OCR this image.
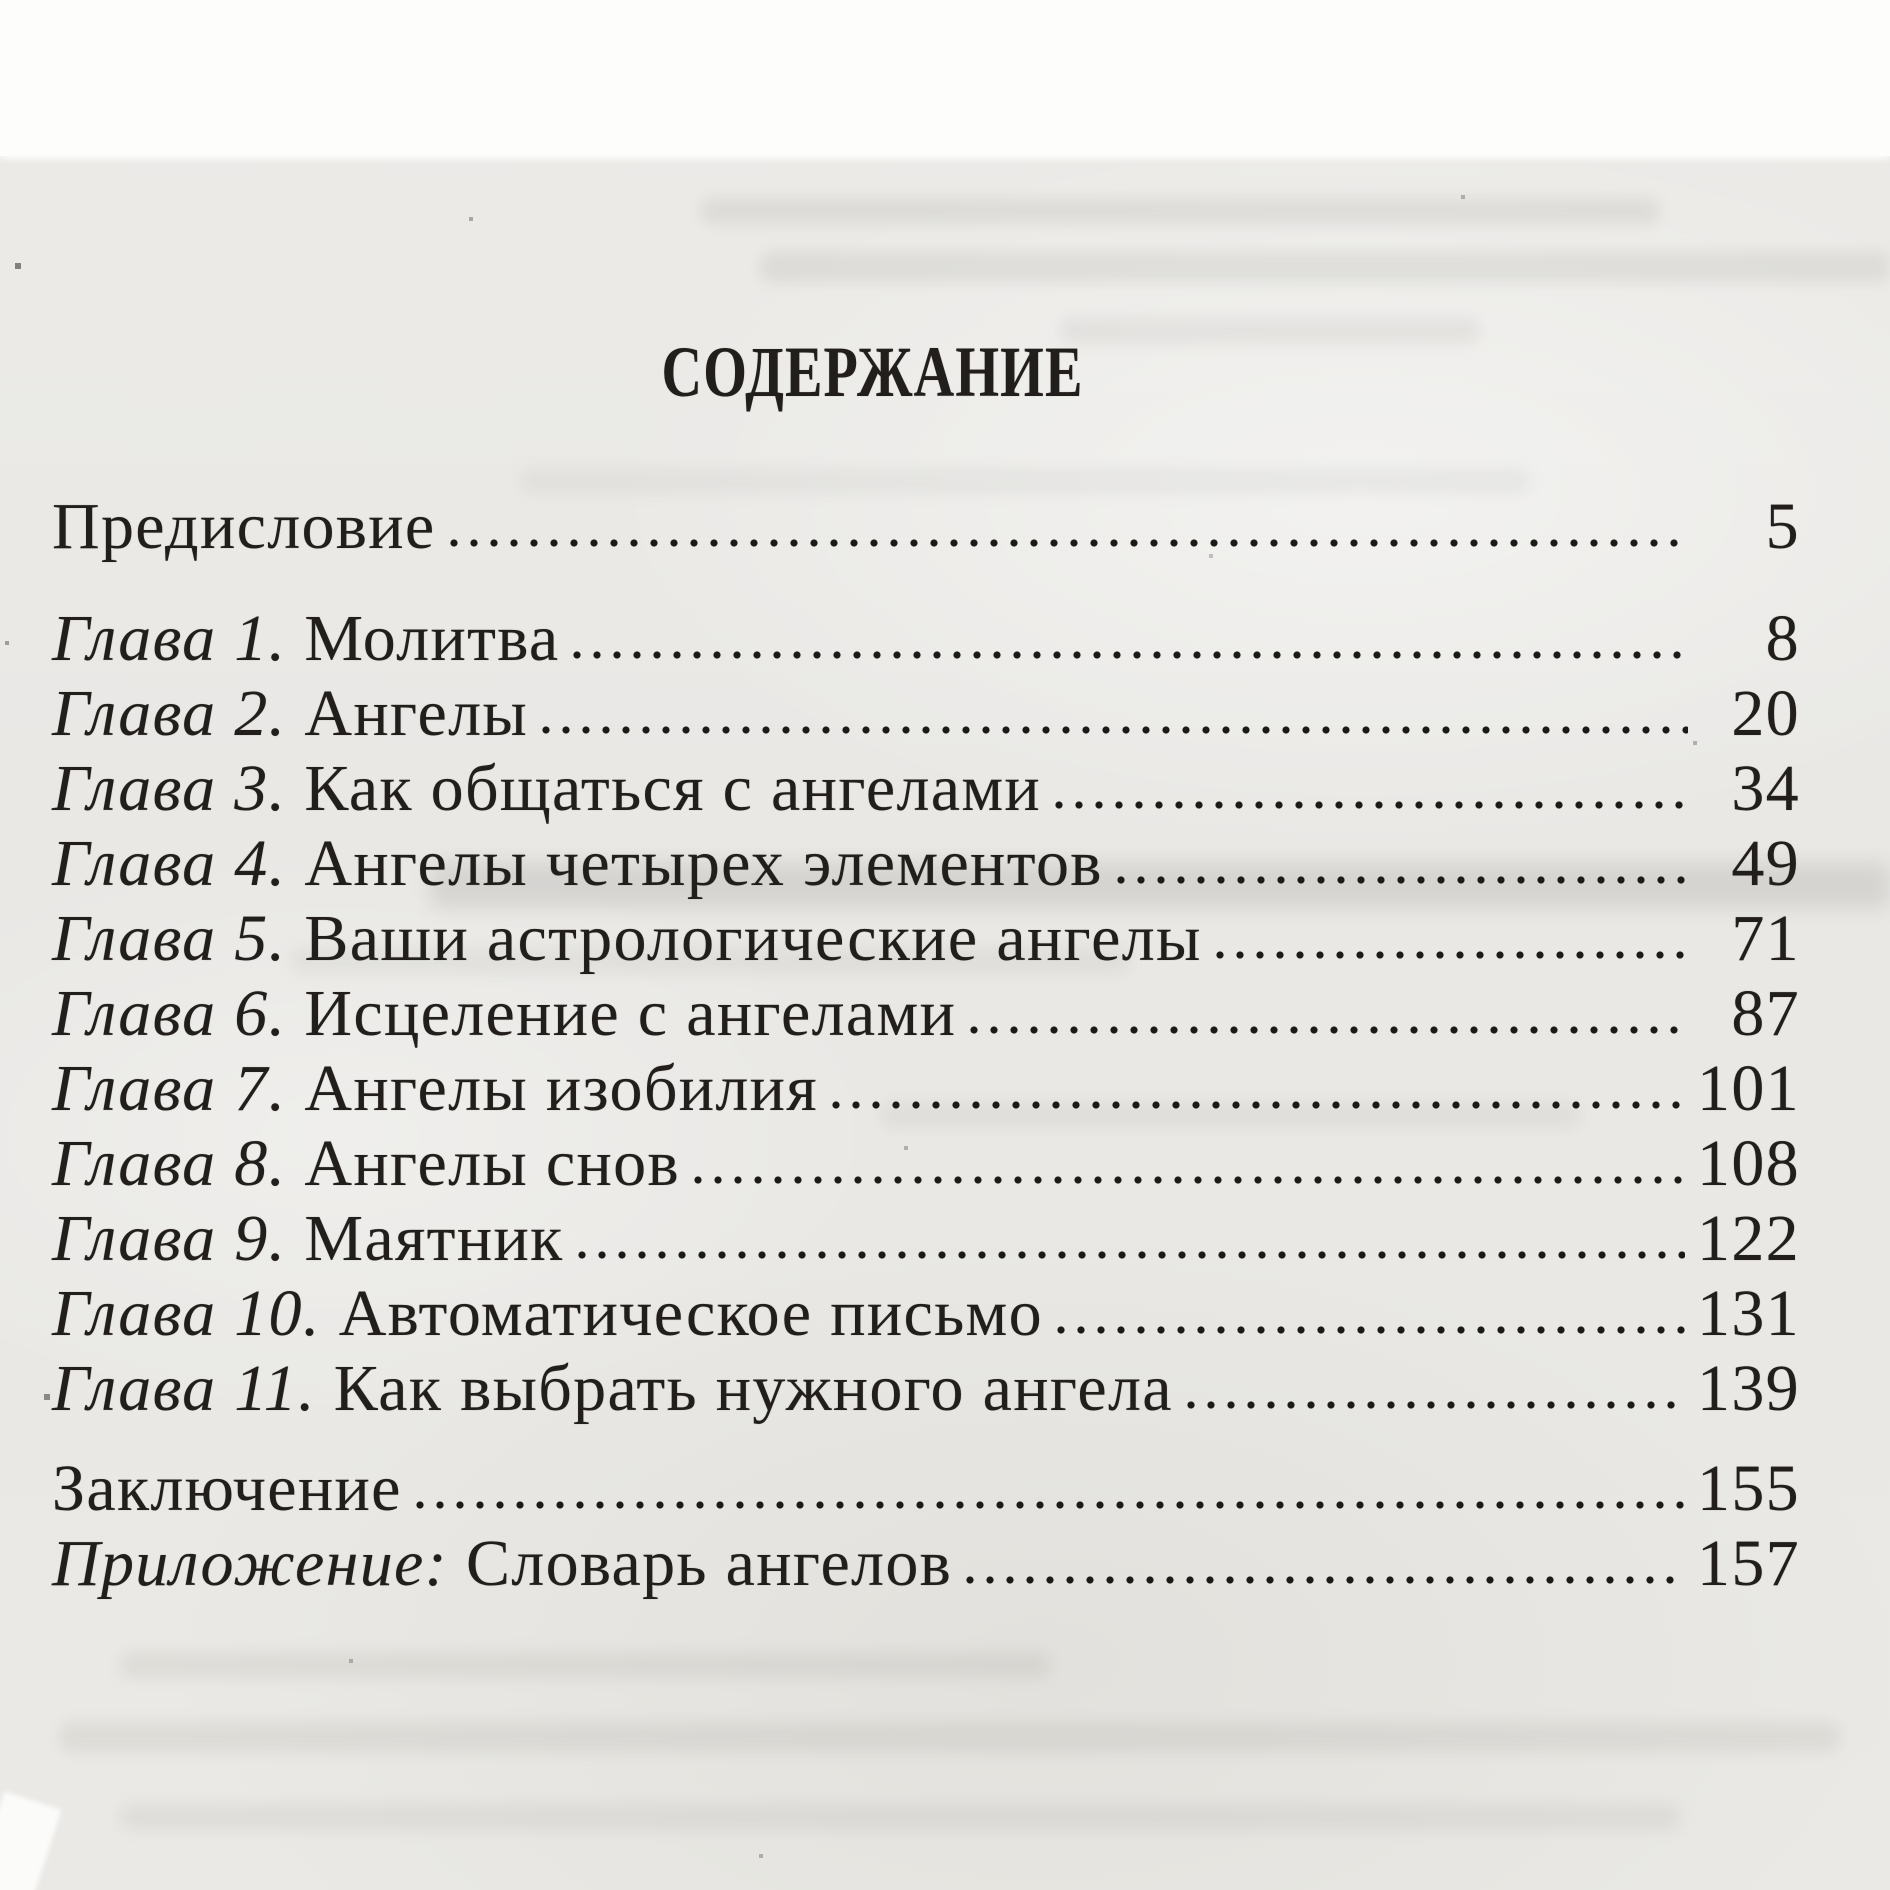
СОДЕРЖАНИЕ
Предисловие	5
Глава 1. Молитва	8
Глава 2. Ангелы	20
Глава 3. Как общаться с ангелами	34
Глава 4. Ангелы четырех элементов	49
Глава 5. Ваши астрологические ангелы	71
Глава 6. Исцеление с ангелами	87
Глава 7. Ангелы изобилия	101
Глава 8. Ангелы снов	108
Глава 9. Маятник	122
Глава 10. Автоматическое письмо	131
Глава 11. Как выбрать нужного ангела	139
Заключение	155
Приложение: Словарь ангелов	157
